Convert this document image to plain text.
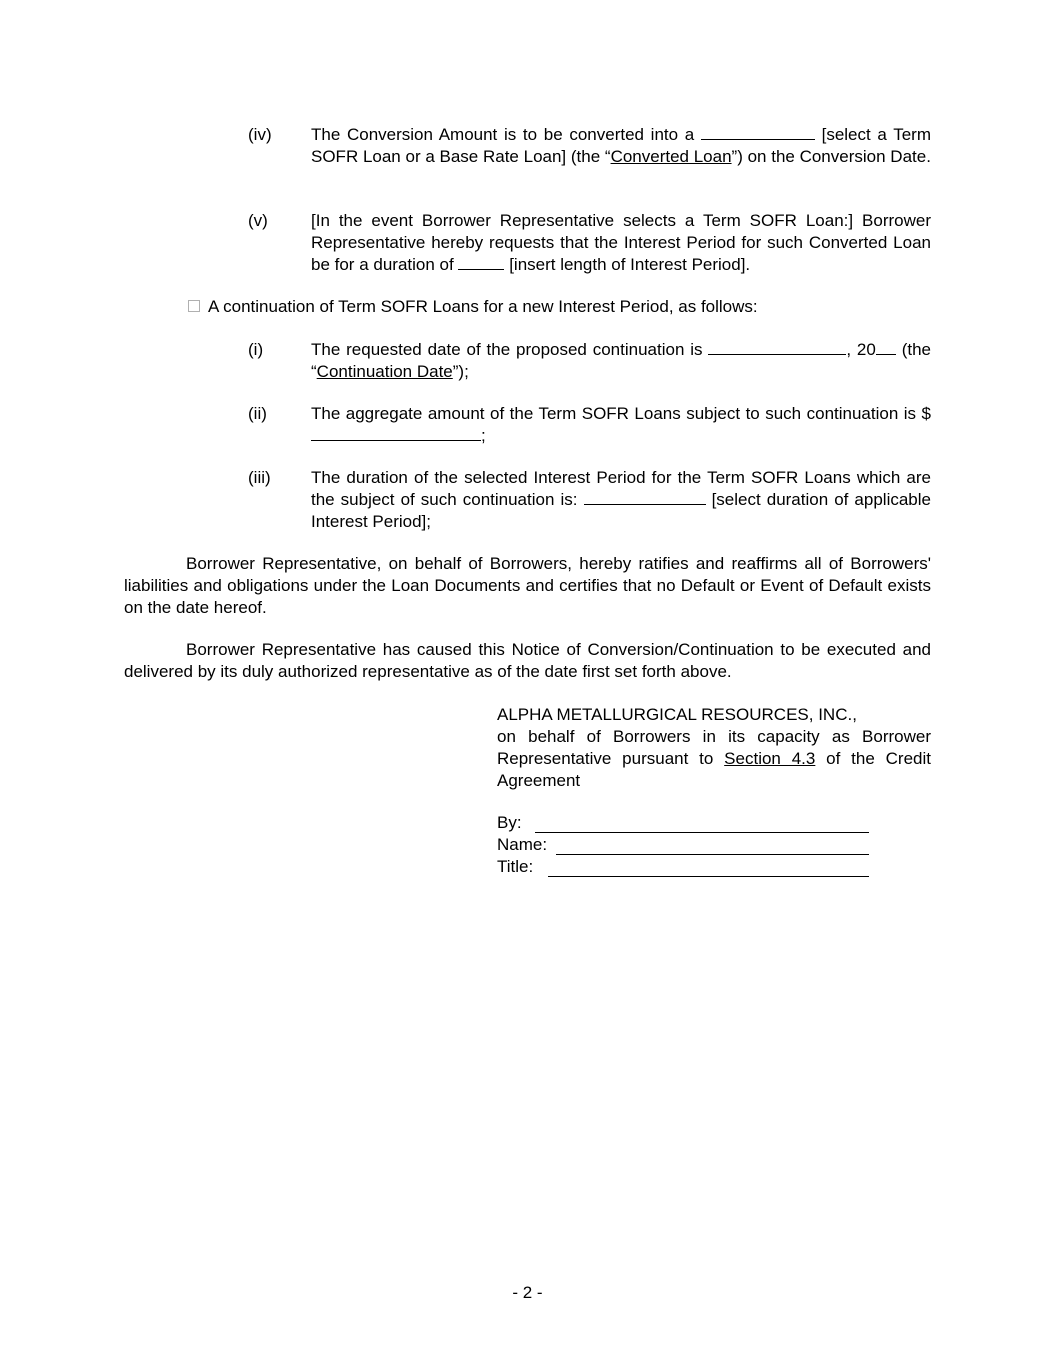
(iv) The Conversion Amount is to be converted into a	[select a Term SOFR Loan or a Base Rate Loan] (the “Converted Loan”) on the Conversion Date.
(v)	[In the event Borrower Representative selects a Term SOFR Loan:] Borrower Representative hereby requests that the Interest Period for such Converted Loan be for a duration of	[insert length of Interest Period].
A continuation of Term SOFR Loans for a new Interest Period, as follows:
(i)	The requested date of the proposed continuation is	, 20 (the “Continuation Date”);
(ii)	The aggregate amount of the Term SOFR Loans subject to such continuation is $;
(iii) The duration of the selected Interest Period for the Term SOFR Loans which are the subject of such continuation is:	[select duration of applicable Interest Period];
Borrower Representative, on behalf of Borrowers, hereby ratifies and reaffirms all of Borrowers' liabilities and obligations under the Loan Documents and certifies that no Default or Event of Default exists on the date hereof.
Borrower Representative has caused this Notice of Conversion/Continuation to be executed and delivered by its duly authorized representative as of the date first set forth above.
ALPHA METALLURGICAL RESOURCES, INC.,
on behalf of Borrowers in its capacity as Borrower Representative pursuant to Section 4.3 of the Credit Agreement
By:
Name:
Title:
- 2 -
